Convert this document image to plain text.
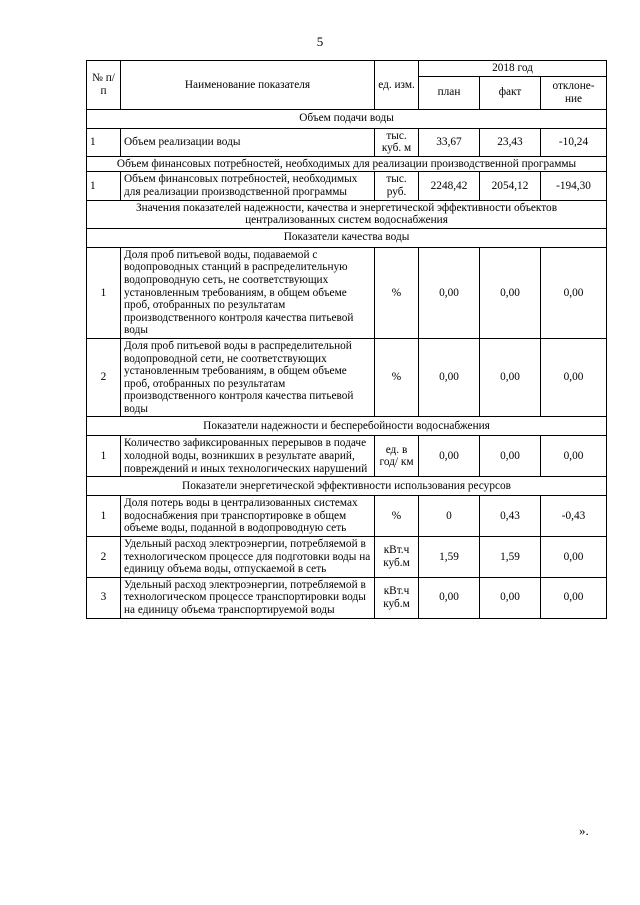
5
№ п/п	Наименование показателя	ед. изм.	2018 год		
			план	факт	отклоне-ние
Объем подачи воды					
1	Объем реализации воды	тыс. куб. м	33,67	23,43	-10,24
Объем финансовых потребностей, необходимых для реализации производственной программы					
1	Объем финансовых потребностей, необходимых для реализации производственной программы	тыс. руб.	2248,42	2054,12	-194,30
Значения показателей надежности, качества и энергетической эффективности объектов централизованных систем водоснабжения					
Показатели качества воды					
1	Доля проб питьевой воды, подаваемой с водопроводных станций в распределительную водопроводную сеть, не соответствующих установленным требованиям, в общем объеме проб, отобранных по результатам производственного контроля качества питьевой воды	%	0,00	0,00	0,00
2	Доля проб питьевой воды в распределительной водопроводной сети, не соответствующих установленным требованиям, в общем объеме проб, отобранных по результатам производственного контроля качества питьевой воды	%	0,00	0,00	0,00
Показатели надежности и бесперебойности водоснабжения					
1	Количество зафиксированных перерывов в подаче холодной воды, возникших в результате аварий, повреждений и иных технологических нарушений	ед. в год/ км	0,00	0,00	0,00
Показатели энергетической эффективности использования ресурсов					
1	Доля потерь воды в централизованных системах водоснабжения при транспортировке в общем объеме воды, поданной в водопроводную сеть	%	0	0,43	-0,43
2	Удельный расход электроэнергии, потребляемой в технологическом процессе для подготовки воды на единицу объема воды, отпускаемой в сеть	кВт.ч куб.м	1,59	1,59	0,00
3	Удельный расход электроэнергии, потребляемой в технологическом процессе транспортировки воды на единицу объема транспортируемой воды	кВт.ч куб.м	0,00	0,00	0,00
».
